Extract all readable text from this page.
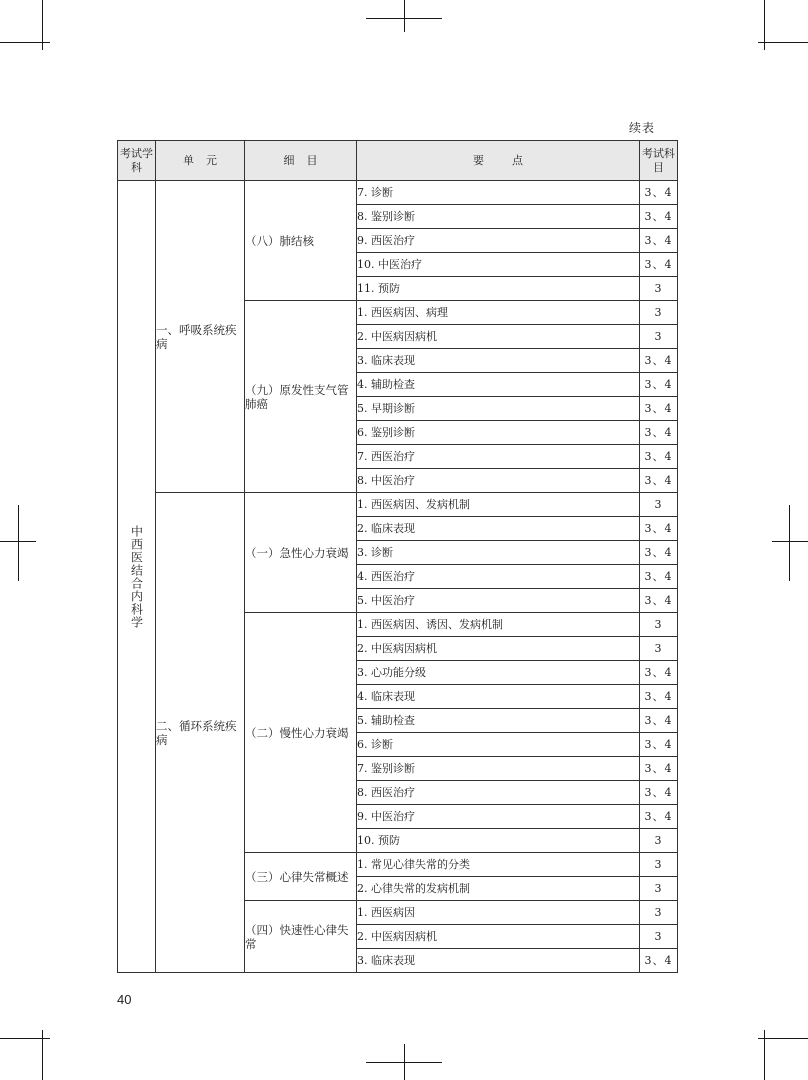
续表
考试学科	单元	细目	要点	考试科目
中西医结合内科学	一、呼吸系统疾病	（八）肺结核	7. 诊断	3、4
			8. 鉴别诊断	3、4
			9. 西医治疗	3、4
			10. 中医治疗	3、4
			11. 预防	3
		（九）原发性支气管肺癌	1. 西医病因、病理	3
			2. 中医病因病机	3
			3. 临床表现	3、4
			4. 辅助检查	3、4
			5. 早期诊断	3、4
			6. 鉴别诊断	3、4
			7. 西医治疗	3、4
			8. 中医治疗	3、4
	二、循环系统疾病	（一）急性心力衰竭	1. 西医病因、发病机制	3
			2. 临床表现	3、4
			3. 诊断	3、4
			4. 西医治疗	3、4
			5. 中医治疗	3、4
		（二）慢性心力衰竭	1. 西医病因、诱因、发病机制	3
			2. 中医病因病机	3
			3. 心功能分级	3、4
			4. 临床表现	3、4
			5. 辅助检查	3、4
			6. 诊断	3、4
			7. 鉴别诊断	3、4
			8. 西医治疗	3、4
			9. 中医治疗	3、4
			10. 预防	3
		（三）心律失常概述	1. 常见心律失常的分类	3
			2. 心律失常的发病机制	3
		（四）快速性心律失常	1. 西医病因	3
			2. 中医病因病机	3
			3. 临床表现	3、4
40
